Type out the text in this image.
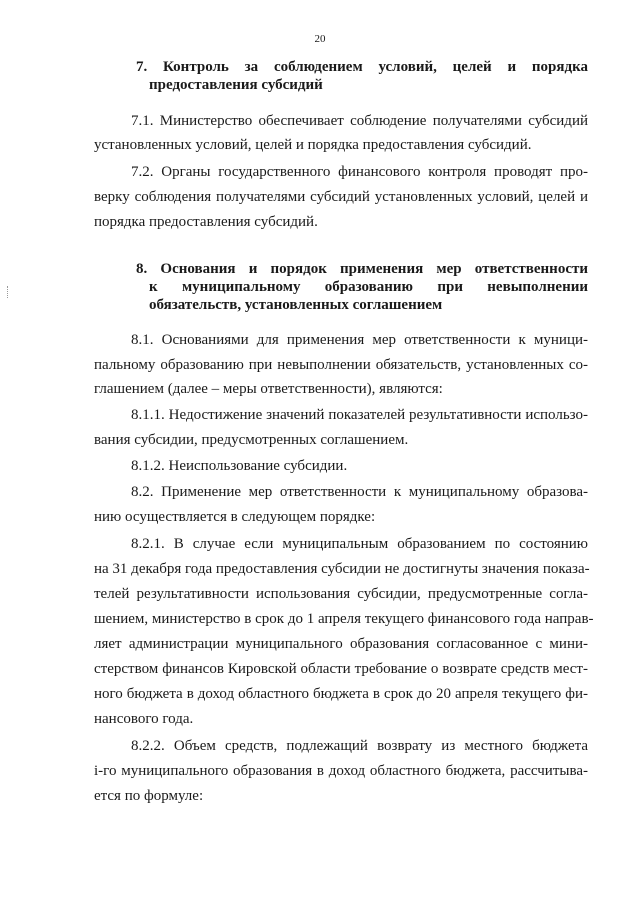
20
7. Контроль за соблюдением условий, целей и порядка
предоставления субсидий
7.1. Министерство обеспечивает соблюдение получателями субсидий
установленных условий, целей и порядка предоставления субсидий.
7.2. Органы государственного финансового контроля проводят про-
верку соблюдения получателями субсидий установленных условий, целей и
порядка предоставления субсидий.
8. Основания и порядок применения мер ответственности
к муниципальному образованию при невыполнении
обязательств, установленных соглашением
8.1. Основаниями для применения мер ответственности к муници-
пальному образованию при невыполнении обязательств, установленных со-
глашением (далее – меры ответственности), являются:
8.1.1. Недостижение значений показателей результативности использо-
вания субсидии, предусмотренных соглашением.
8.1.2. Неиспользование субсидии.
8.2. Применение мер ответственности к муниципальному образова-
нию осуществляется в следующем порядке:
8.2.1. В случае если муниципальным образованием по состоянию
на 31 декабря года предоставления субсидии не достигнуты значения показа-
телей результативности использования субсидии, предусмотренные согла-
шением, министерство в срок до 1 апреля текущего финансового года направ-
ляет администрации муниципального образования согласованное с мини-
стерством финансов Кировской области требование о возврате средств мест-
ного бюджета в доход областного бюджета в срок до 20 апреля текущего фи-
нансового года.
8.2.2. Объем средств, подлежащий возврату из местного бюджета
i-го муниципального образования в доход областного бюджета, рассчитыва-
ется по формуле:
